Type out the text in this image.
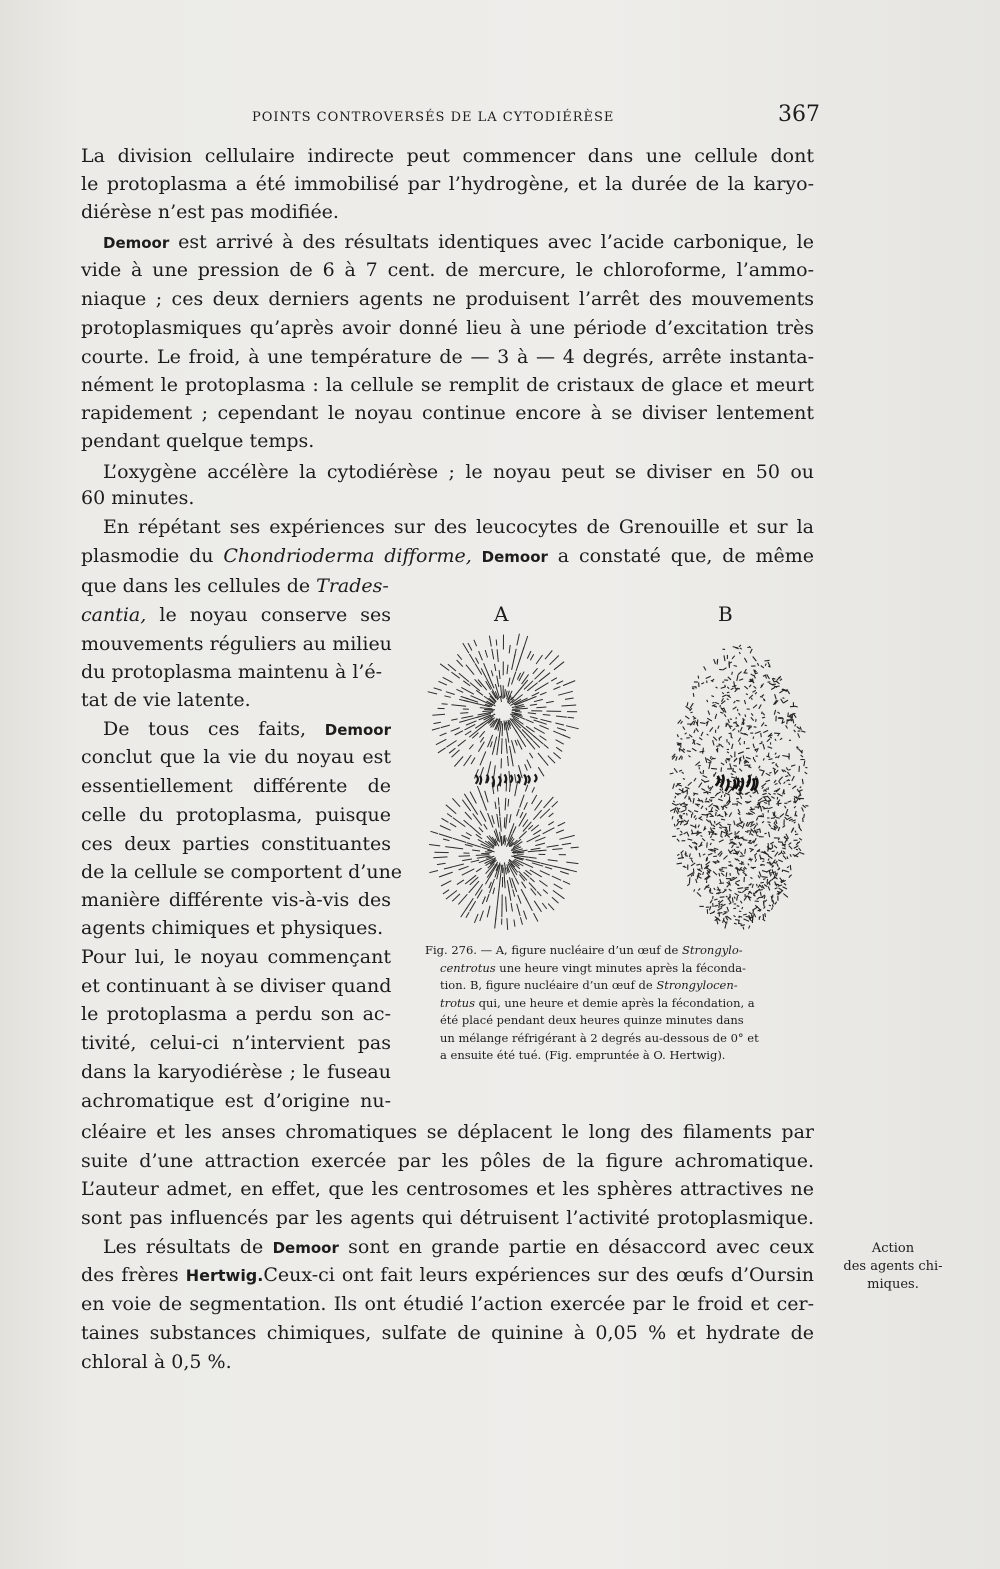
POINTS CONTROVERSÉS DE LA CYTODIÉRÈSE	367
La division cellulaire indirecte peut commencer dans une cellule dont
le protoplasma a été immobilisé par l’hydrogène, et la durée de la karyo-
diérèse n’est pas modifiée.
Demoor est arrivé à des résultats identiques avec l’acide carbonique, le
vide à une pression de 6 à 7 cent. de mercure, le chloroforme, l’ammo-
niaque ; ces deux derniers agents ne produisent l’arrêt des mouvements
protoplasmiques qu’après avoir donné lieu à une période d’excitation très
courte. Le froid, à une température de — 3 à — 4 degrés, arrête instanta-
nément le protoplasma : la cellule se remplit de cristaux de glace et meurt
rapidement ; cependant le noyau continue encore à se diviser lentement
pendant quelque temps.
L’oxygène accélère la cytodiérèse ; le noyau peut se diviser en 50 ou
60 minutes.
En répétant ses expériences sur des leucocytes de Grenouille et sur la
plasmodie du Chondrioderma difforme, Demoor a constaté que, de même
que dans les cellules de Trades-
cantia, le noyau conserve ses
mouvements réguliers au milieu
du protoplasma maintenu à l’é-
tat de vie latente.
De tous ces faits, Demoor
conclut que la vie du noyau est
essentiellement différente de
celle du protoplasma, puisque
ces deux parties constituantes
de la cellule se comportent d’une
manière différente vis-à-vis des
agents chimiques et physiques.
Pour lui, le noyau commençant
et continuant à se diviser quand
le protoplasma a perdu son ac-
tivité, celui-ci n’intervient pas
dans la karyodiérèse ; le fuseau
achromatique est d’origine nu-
cléaire et les anses chromatiques se déplacent le long des filaments par
suite d’une attraction exercée par les pôles de la figure achromatique.
L’auteur admet, en effet, que les centrosomes et les sphères attractives ne
sont pas influencés par les agents qui détruisent l’activité protoplasmique.
Les résultats de Demoor sont en grande partie en désaccord avec ceux
des frères Hertwig.Ceux-ci ont fait leurs expériences sur des œufs d’Oursin
en voie de segmentation. Ils ont étudié l’action exercée par le froid et cer-
taines substances chimiques, sulfate de quinine à 0,05 % et hydrate de
chloral à 0,5 %.
A	B
Fig. 276. — A, figure nucléaire d’un œuf de Strongylo-
centrotus une heure vingt minutes après la féconda-
tion. B, figure nucléaire d’un œuf de Strongylocen-
trotus qui, une heure et demie après la fécondation, a
été placé pendant deux heures quinze minutes dans
un mélange réfrigérant à 2 degrés au-dessous de 0° et
a ensuite été tué. (Fig. empruntée à O. Hertwig).
Action
des agents chi-
miques.
